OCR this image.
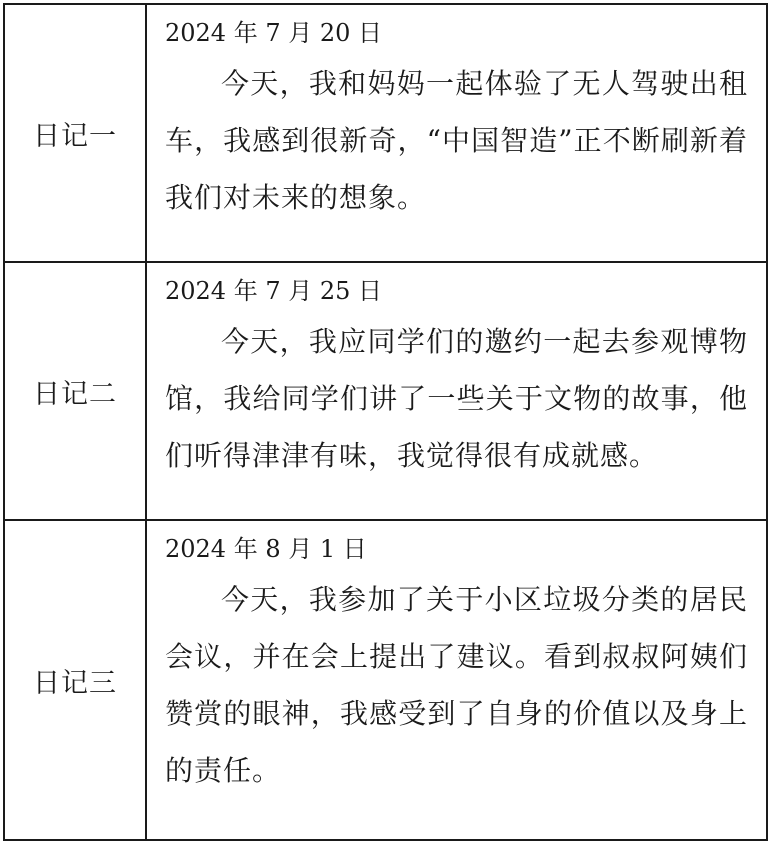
日记一	2024 年 7 月 20 日

今天，我和妈妈一起体验了无人驾驶出租车，我感到很新奇，“中国智造”正不断刷新着我们对未来的想象。

日记二	2024 年 7 月 25 日

今天，我应同学们的邀约一起去参观博物馆，我给同学们讲了一些关于文物的故事，他们听得津津有味，我觉得很有成就感。

日记三	2024 年 8 月 1 日

今天，我参加了关于小区垃圾分类的居民会议，并在会上提出了建议。看到叔叔阿姨们赞赏的眼神，我感受到了自身的价值以及身上的责任。
